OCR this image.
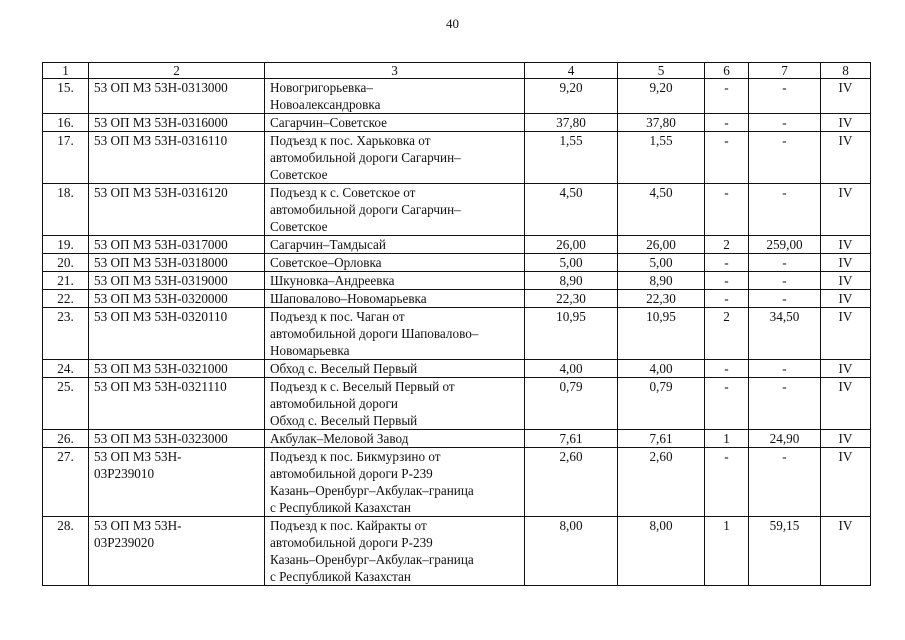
40
1	2	3	4	5	6	7	8
15.	53 ОП МЗ 53Н-0313000	Новогригорьевка–
Новоалександровка	9,20	9,20	-	-	IV
16.	53 ОП МЗ 53Н-0316000	Сагарчин–Советское	37,80	37,80	-	-	IV
17.	53 ОП МЗ 53Н-0316110	Подъезд к пос. Харьковка от
автомобильной дороги Сагарчин–
Советское	1,55	1,55	-	-	IV
18.	53 ОП МЗ 53Н-0316120	Подъезд к с. Советское от
автомобильной дороги Сагарчин–
Советское	4,50	4,50	-	-	IV
19.	53 ОП МЗ 53Н-0317000	Сагарчин–Тамдысай	26,00	26,00	2	259,00	IV
20.	53 ОП МЗ 53Н-0318000	Советское–Орловка	5,00	5,00	-	-	IV
21.	53 ОП МЗ 53Н-0319000	Шкуновка–Андреевка	8,90	8,90	-	-	IV
22.	53 ОП МЗ 53Н-0320000	Шаповалово–Новомарьевка	22,30	22,30	-	-	IV
23.	53 ОП МЗ 53Н-0320110	Подъезд к пос. Чаган от
автомобильной дороги Шаповалово–
Новомарьевка	10,95	10,95	2	34,50	IV
24.	53 ОП МЗ 53Н-0321000	Обход с. Веселый Первый	4,00	4,00	-	-	IV
25.	53 ОП МЗ 53Н-0321110	Подъезд к с. Веселый Первый от
автомобильной дороги
Обход с. Веселый Первый	0,79	0,79	-	-	IV
26.	53 ОП МЗ 53Н-0323000	Акбулак–Меловой Завод	7,61	7,61	1	24,90	IV
27.	53 ОП МЗ 53Н-
03Р239010	Подъезд к пос. Бикмурзино от
автомобильной дороги Р-239
Казань–Оренбург–Акбулак–граница
с Республикой Казахстан	2,60	2,60	-	-	IV
28.	53 ОП МЗ 53Н-
03Р239020	Подъезд к пос. Кайракты от
автомобильной дороги Р-239
Казань–Оренбург–Акбулак–граница
с Республикой Казахстан	8,00	8,00	1	59,15	IV
